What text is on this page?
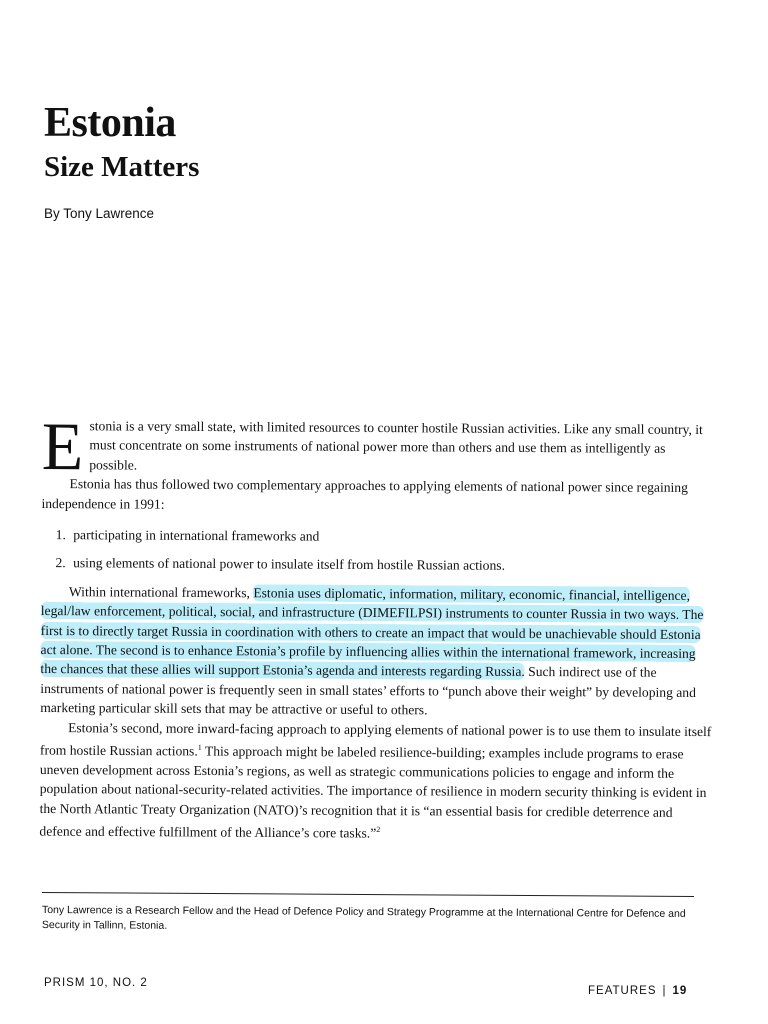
Estonia
Size Matters
By Tony Lawrence

E stonia is a very small state, with limited resources to counter hostile Russian activities. Like any small country, it must concentrate on some instruments of national power more than others and use them as intelligently as possible.

Estonia has thus followed two complementary approaches to applying elements of national power since regaining independence in 1991:

1. participating in international frameworks and
2. using elements of national power to insulate itself from hostile Russian actions.

Within international frameworks, Estonia uses diplomatic, information, military, economic, financial, intelligence, legal/law enforcement, political, social, and infrastructure (DIMEFILPSI) instruments to counter Russia in two ways. The first is to directly target Russia in coordination with others to create an impact that would be unachievable should Estonia act alone. The second is to enhance Estonia’s profile by influencing allies within the international framework, increasing the chances that these allies will support Estonia’s agenda and interests regarding Russia. Such indirect use of the instruments of national power is frequently seen in small states’ efforts to “punch above their weight” by developing and marketing particular skill sets that may be attractive or useful to others.

Estonia’s second, more inward-facing approach to applying elements of national power is to use them to insulate itself from hostile Russian actions.$^1$ This approach might be labeled resilience-building; examples include programs to erase uneven development across Estonia’s regions, as well as strategic communications policies to engage and inform the population about national-security-related activities. The importance of resilience in modern security thinking is evident in the North Atlantic Treaty Organization (NATO)’s recognition that it is “an essential basis for credible deterrence and defence and effective fulfillment of the Alliance’s core tasks.”$^2$

Tony Lawrence is a Research Fellow and the Head of Defence Policy and Strategy Programme at the International Centre for Defence and Security in Tallinn, Estonia.
PRISM 10, NO. 2
FEATURES | 19
